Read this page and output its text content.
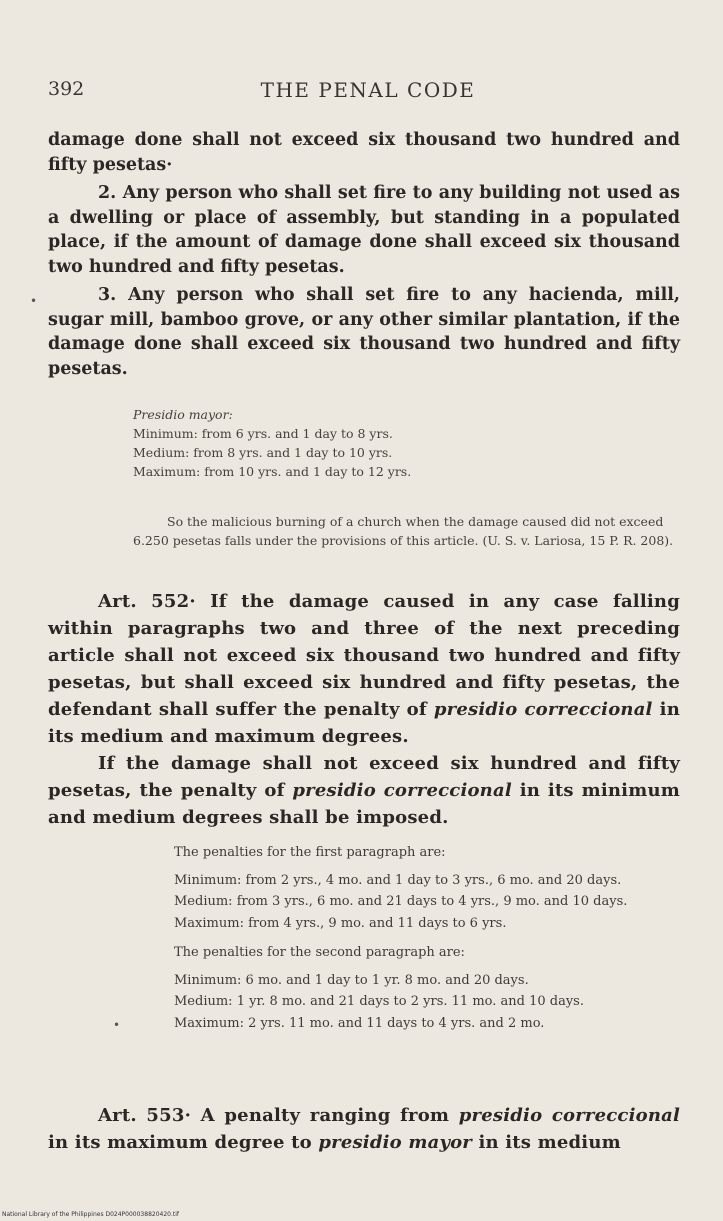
392	THE PENAL CODE

damage done shall not exceed six thousand two hundred and fifty pesetas·

2. Any person who shall set fire to any building not used as a dwelling or place of assembly, but standing in a populated place, if the amount of damage done shall exceed six thousand two hundred and fifty pesetas.

3. Any person who shall set fire to any hacienda, mill, sugar mill, bamboo grove, or any other similar plantation, if the damage done shall exceed six thousand two hundred and fifty pesetas.

•

Presidio mayor:

Minimum: from 6 yrs. and 1 day to 8 yrs.

Medium: from 8 yrs. and 1 day to 10 yrs.

Maximum: from 10 yrs. and 1 day to 12 yrs.

So the malicious burning of a church when the damage caused did not exceed 6.250 pesetas falls under the provisions of this article. (U. S. v. Lariosa, 15 P. R. 208).

Art. 552· If the damage caused in any case falling within paragraphs two and three of the next preceding article shall not exceed six thousand two hundred and fifty pesetas, but shall exceed six hundred and fifty pesetas, the defendant shall suffer the penalty of presidio correccional in its medium and maximum degrees.

If the damage shall not exceed six hundred and fifty pesetas, the penalty of presidio correccional in its minimum and medium degrees shall be imposed.

The penalties for the first paragraph are:

Minimum: from 2 yrs., 4 mo. and 1 day to 3 yrs., 6 mo. and 20 days.

Medium: from 3 yrs., 6 mo. and 21 days to 4 yrs., 9 mo. and 10 days.

Maximum: from 4 yrs., 9 mo. and 11 days to 6 yrs.

The penalties for the second paragraph are:

Minimum: 6 mo. and 1 day to 1 yr. 8 mo. and 20 days.

Medium: 1 yr. 8 mo. and 21 days to 2 yrs. 11 mo. and 10 days.

Maximum: 2 yrs. 11 mo. and 11 days to 4 yrs. and 2 mo.

•

Art. 553· A penalty ranging from presidio correccional in its maximum degree to presidio mayor in its medium

National Library of the Philippines D024P000038820420.tif
